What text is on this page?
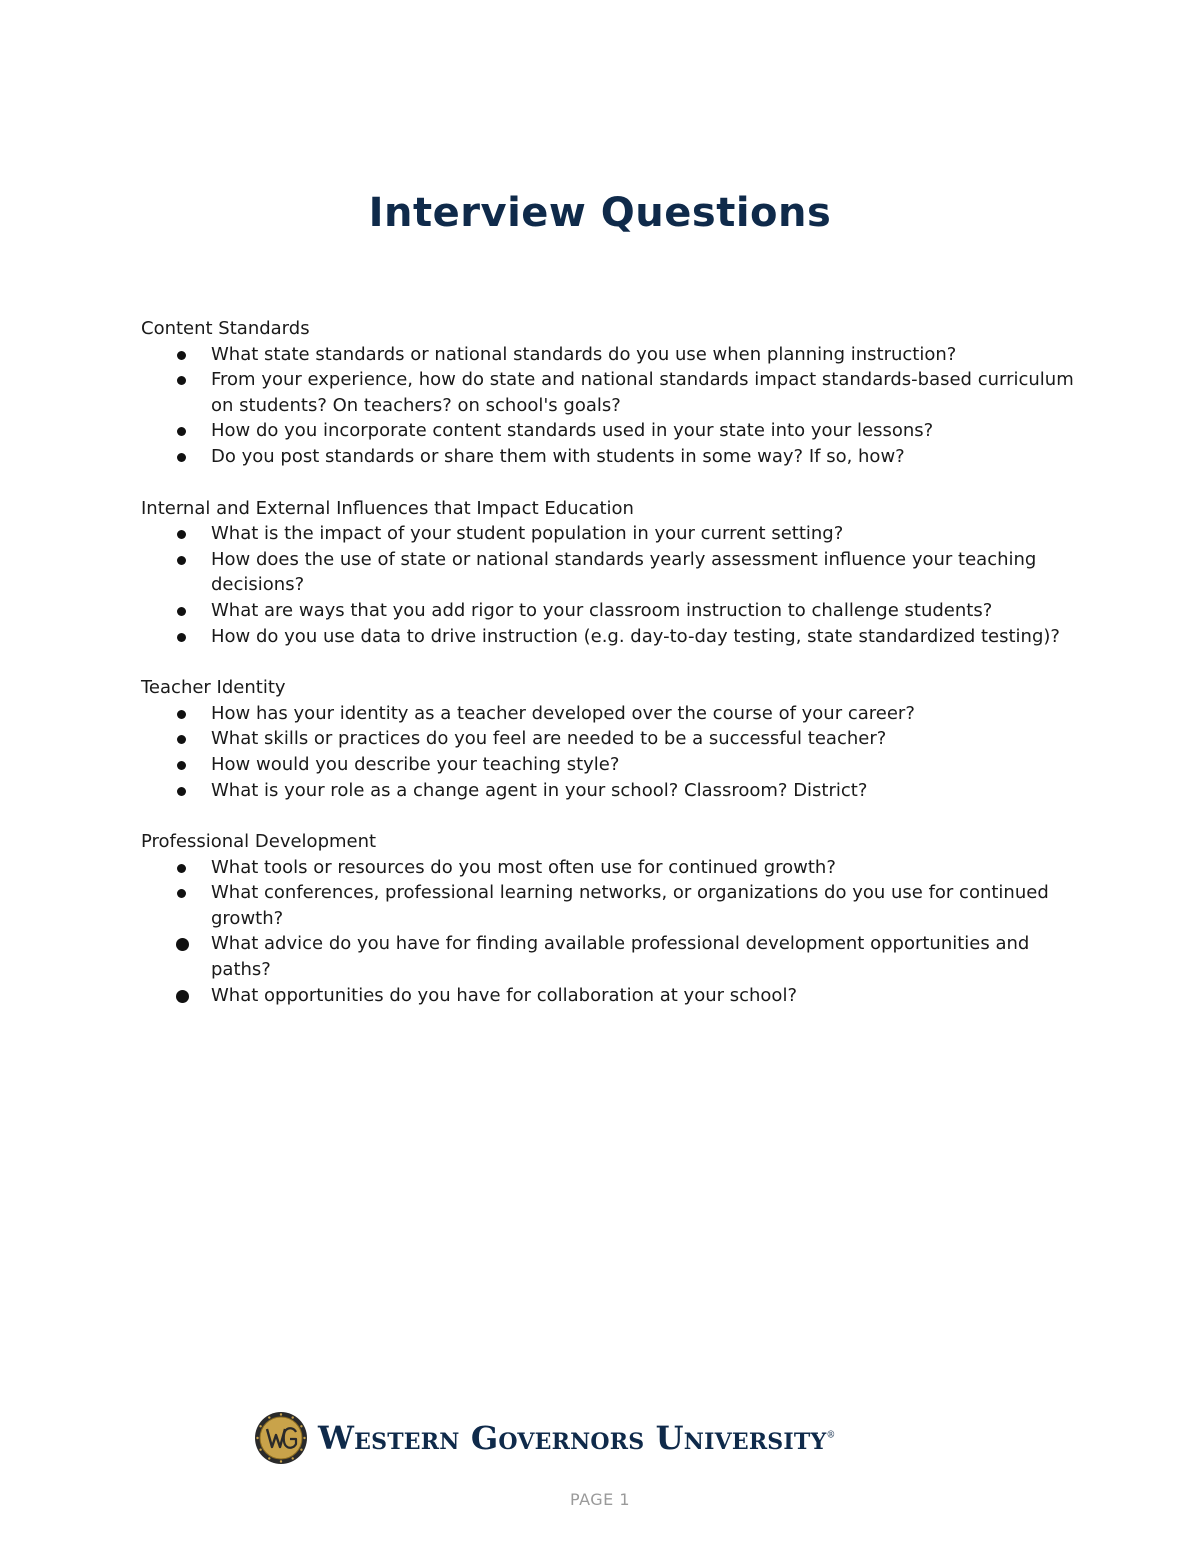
Interview Questions

Content Standards

What state standards or national standards do you use when planning instruction?
From your experience, how do state and national standards impact standards-based curriculum on students? On teachers? on school's goals?
How do you incorporate content standards used in your state into your lessons?
Do you post standards or share them with students in some way? If so, how?

Internal and External Influences that Impact Education

What is the impact of your student population in your current setting?
How does the use of state or national standards yearly assessment influence your teaching decisions?
What are ways that you add rigor to your classroom instruction to challenge students?
How do you use data to drive instruction (e.g. day-to-day testing, state standardized testing)?

Teacher Identity

How has your identity as a teacher developed over the course of your career?
What skills or practices do you feel are needed to be a successful teacher?
How would you describe your teaching style?
What is your role as a change agent in your school? Classroom? District?

Professional Development

What tools or resources do you most often use for continued growth?
What conferences, professional learning networks, or organizations do you use for continued growth?
What advice do you have for finding available professional development opportunities and paths?
What opportunities do you have for collaboration at your school?
Western Governors University®
PAGE 1
